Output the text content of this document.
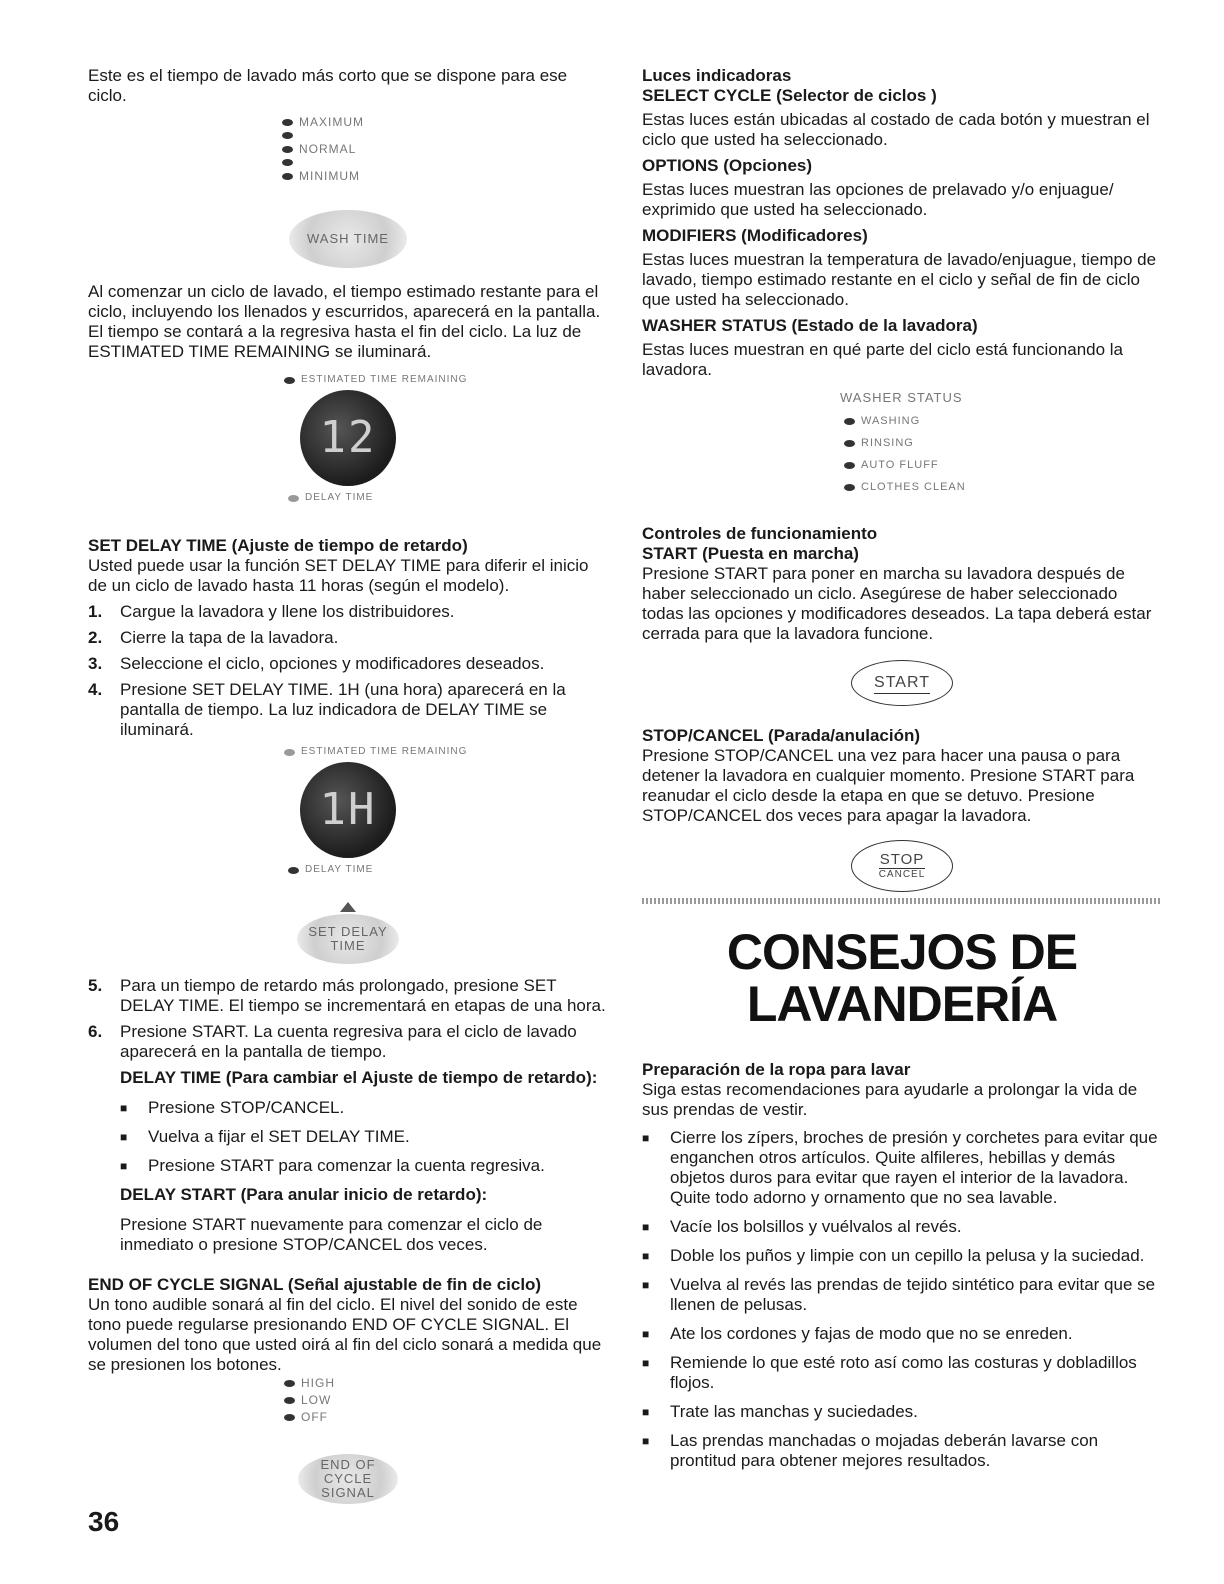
Este es el tiempo de lavado más corto que se dispone para ese ciclo.

MAXIMUM
NORMAL
MINIMUM
WASH TIME

Al comenzar un ciclo de lavado, el tiempo estimado restante para el ciclo, incluyendo los llenados y escurridos, aparecerá en la pantalla. El tiempo se contará a la regresiva hasta el fin del ciclo. La luz de ESTIMATED TIME REMAINING se iluminará.

ESTIMATED TIME REMAINING
12
DELAY TIME

SET DELAY TIME (Ajuste de tiempo de retardo)

Usted puede usar la función SET DELAY TIME para diferir el inicio de un ciclo de lavado hasta 11 horas (según el modelo).

1.	Cargue la lavadora y llene los distribuidores.
2.	Cierre la tapa de la lavadora.
3.	Seleccione el ciclo, opciones y modificadores deseados.
4.	Presione SET DELAY TIME. 1H (una hora) aparecerá en la pantalla de tiempo. La luz indicadora de DELAY TIME se iluminará.
ESTIMATED TIME REMAINING
1H
DELAY TIME
SET DELAY TIME
5.	Para un tiempo de retardo más prolongado, presione SET DELAY TIME. El tiempo se incrementará en etapas de una hora.
6.	Presione START. La cuenta regresiva para el ciclo de lavado aparecerá en la pantalla de tiempo.

DELAY TIME (Para cambiar el Ajuste de tiempo de retardo):

■	Presione STOP/CANCEL.
■	Vuelva a fijar el SET DELAY TIME.
■	Presione START para comenzar la cuenta regresiva.

DELAY START (Para anular inicio de retardo):

Presione START nuevamente para comenzar el ciclo de inmediato o presione STOP/CANCEL dos veces.

END OF CYCLE SIGNAL (Señal ajustable de fin de ciclo)

Un tono audible sonará al fin del ciclo. El nivel del sonido de este tono puede regularse presionando END OF CYCLE SIGNAL. El volumen del tono que usted oirá al fin del ciclo sonará a medida que se presionen los botones.

HIGH
LOW
OFF
END OF CYCLE SIGNAL

Luces indicadoras

SELECT CYCLE (Selector de ciclos )

Estas luces están ubicadas al costado de cada botón y muestran el ciclo que usted ha seleccionado.

OPTIONS (Opciones)

Estas luces muestran las opciones de prelavado y/o enjuague/ exprimido que usted ha seleccionado.

MODIFIERS (Modificadores)

Estas luces muestran la temperatura de lavado/enjuague, tiempo de lavado, tiempo estimado restante en el ciclo y señal de fin de ciclo que usted ha seleccionado.

WASHER STATUS (Estado de la lavadora)

Estas luces muestran en qué parte del ciclo está funcionando la lavadora.

WASHER STATUS
WASHING
RINSING
AUTO FLUFF
CLOTHES CLEAN

Controles de funcionamiento

START (Puesta en marcha)

Presione START para poner en marcha su lavadora después de haber seleccionado un ciclo. Asegúrese de haber seleccionado todas las opciones y modificadores deseados. La tapa deberá estar cerrada para que la lavadora funcione.

START

STOP/CANCEL (Parada/anulación)

Presione STOP/CANCEL una vez para hacer una pausa o para detener la lavadora en cualquier momento. Presione START para reanudar el ciclo desde la etapa en que se detuvo. Presione STOP/CANCEL dos veces para apagar la lavadora.

STOP
CANCEL
CONSEJOS DE
LAVANDERÍA

Preparación de la ropa para lavar

Siga estas recomendaciones para ayudarle a prolongar la vida de sus prendas de vestir.

■	Cierre los zípers, broches de presión y corchetes para evitar que enganchen otros artículos. Quite alfileres, hebillas y demás objetos duros para evitar que rayen el interior de la lavadora. Quite todo adorno y ornamento que no sea lavable.
■	Vacíe los bolsillos y vuélvalos al revés.
■	Doble los puños y limpie con un cepillo la pelusa y la suciedad.
■	Vuelva al revés las prendas de tejido sintético para evitar que se llenen de pelusas.
■	Ate los cordones y fajas de modo que no se enreden.
■	Remiende lo que esté roto así como las costuras y dobladillos flojos.
■	Trate las manchas y suciedades.
■	Las prendas manchadas o mojadas deberán lavarse con prontitud para obtener mejores resultados.
36
